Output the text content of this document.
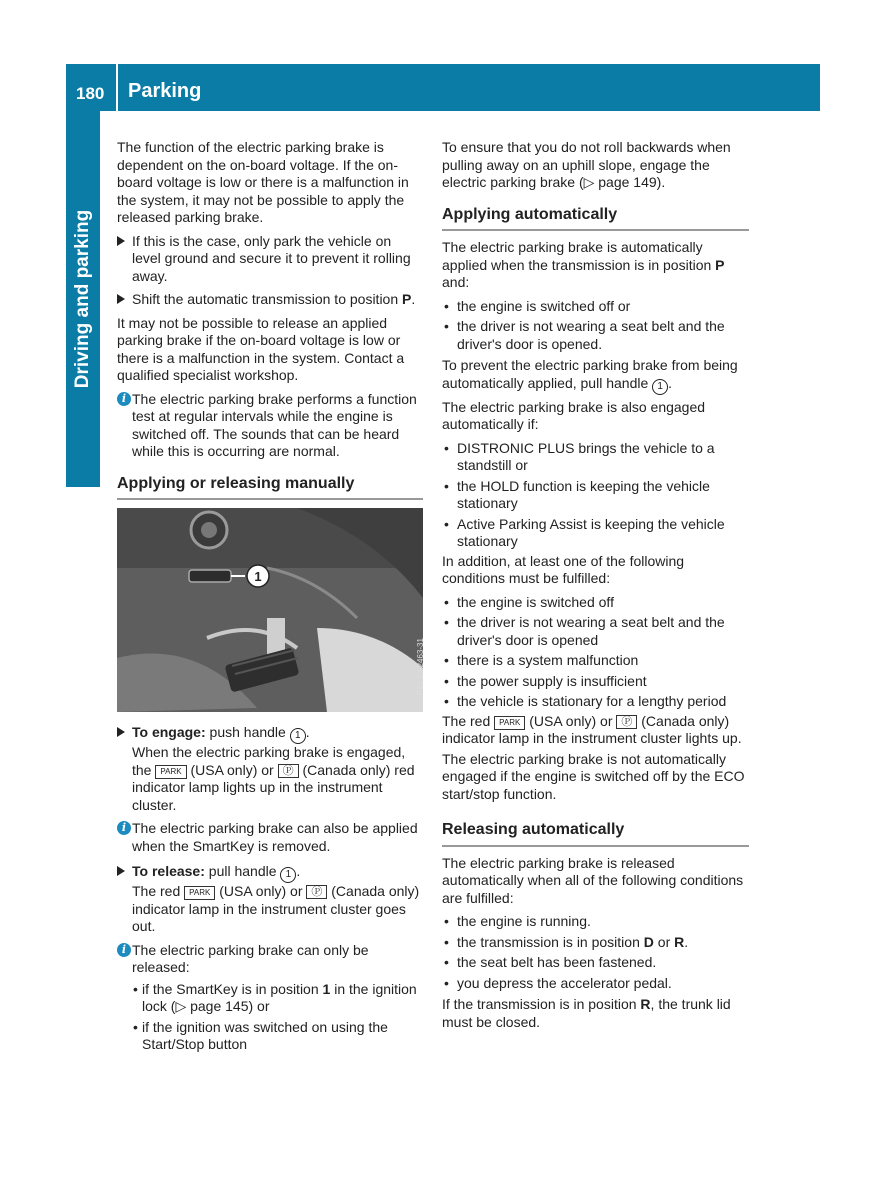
180 Parking
Driving and parking

The function of the electric parking brake is dependent on the on-board voltage. If the on-board voltage is low or there is a malfunction in the system, it may not be possible to apply the released parking brake.

If this is the case, only park the vehicle on level ground and secure it to prevent it rolling away.
Shift the automatic transmission to position P.

It may not be possible to release an applied parking brake if the on-board voltage is low or there is a malfunction in the system. Contact a qualified specialist workshop.

i The electric parking brake performs a function test at regular intervals while the engine is switched off. The sounds that can be heard while this is occurring are normal.
Applying or releasing manually
1
P42.20-2463-31
To engage: push handle 1 .
When the electric parking brake is engaged, the PARK (USA only) or Ⓟ (Canada only) red indicator lamp lights up in the instrument cluster.
i The electric parking brake can also be applied when the SmartKey is removed.
To release: pull handle 1 .
The red PARK (USA only) or Ⓟ (Canada only) indicator lamp in the instrument cluster goes out.
i The electric parking brake can only be released:
• if the SmartKey is in position 1 in the ignition lock (▷ page 145) or
• if the ignition was switched on using the Start/Stop button

To ensure that you do not roll backwards when pulling away on an uphill slope, engage the electric parking brake (▷ page 149).

Applying automatically

The electric parking brake is automatically applied when the transmission is in position P and:

• the engine is switched off or
• the driver is not wearing a seat belt and the driver's door is opened.

To prevent the electric parking brake from being automatically applied, pull handle 1 .

The electric parking brake is also engaged automatically if:

• DISTRONIC PLUS brings the vehicle to a standstill or
• the HOLD function is keeping the vehicle stationary
• Active Parking Assist is keeping the vehicle stationary

In addition, at least one of the following conditions must be fulfilled:

• the engine is switched off
• the driver is not wearing a seat belt and the driver's door is opened
• there is a system malfunction
• the power supply is insufficient
• the vehicle is stationary for a lengthy period

The red PARK (USA only) or Ⓟ (Canada only) indicator lamp in the instrument cluster lights up.

The electric parking brake is not automatically engaged if the engine is switched off by the ECO start/stop function.

Releasing automatically

The electric parking brake is released automatically when all of the following conditions are fulfilled:

• the engine is running.
• the transmission is in position D or R.
• the seat belt has been fastened.
• you depress the accelerator pedal.

If the transmission is in position R, the trunk lid must be closed.
